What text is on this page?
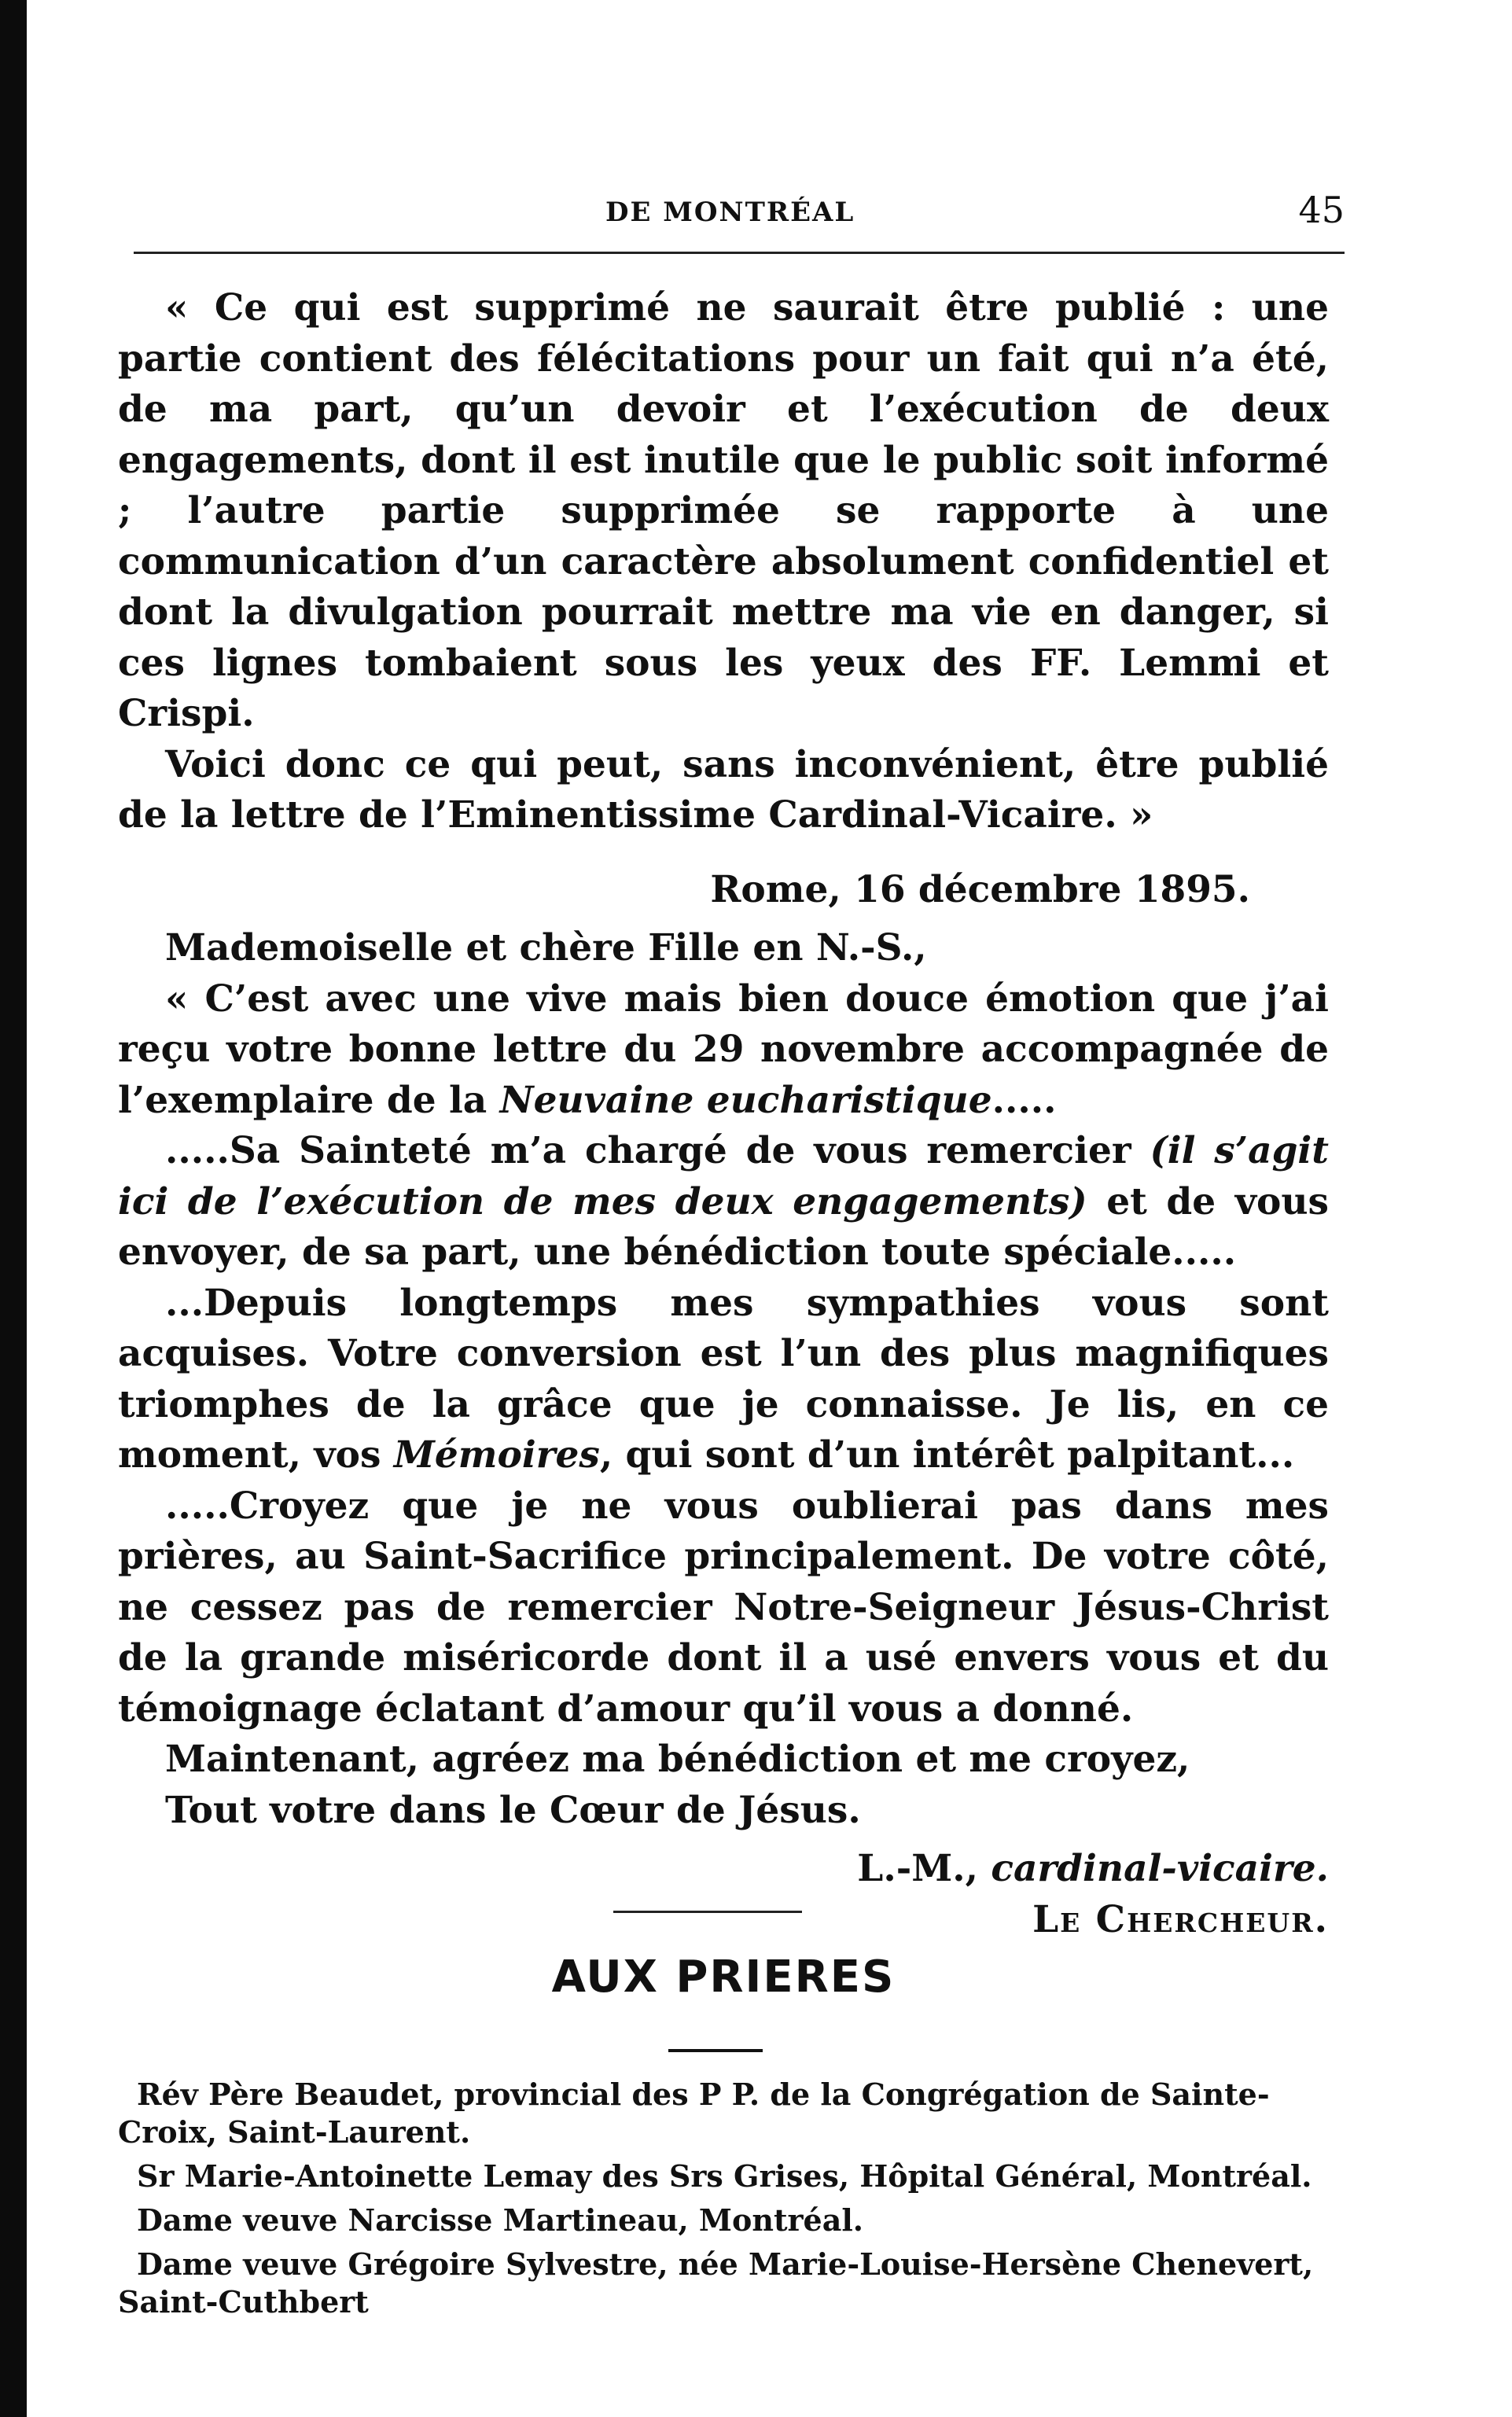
DE MONTRÉAL	45

« Ce qui est supprimé ne saurait être publié : une partie contient des félécitations pour un fait qui n’a été, de ma part, qu’un devoir et l’exécution de deux engagements, dont il est inutile que le public soit informé ; l’autre partie supprimée se rapporte à une communication d’un caractère absolument confidentiel et dont la divulgation pourrait mettre ma vie en danger, si ces lignes tombaient sous les yeux des FF. Lemmi et Crispi.

Voici donc ce qui peut, sans inconvénient, être publié de la lettre de l’Eminentissime Cardinal-Vicaire. »

Rome, 16 décembre 1895.

Mademoiselle et chère Fille en N.-S.,

« C’est avec une vive mais bien douce émotion que j’ai reçu votre bonne lettre du 29 novembre accompagnée de l’exemplaire de la Neuvaine eucharistique.....

.....Sa Sainteté m’a chargé de vous remercier (il s’agit ici de l’exécution de mes deux engagements) et de vous envoyer, de sa part, une bénédiction toute spéciale.....

...Depuis longtemps mes sympathies vous sont acquises. Votre conversion est l’un des plus magnifiques triomphes de la grâce que je connaisse. Je lis, en ce moment, vos Mémoires, qui sont d’un intérêt palpitant...

.....Croyez que je ne vous oublierai pas dans mes prières, au Saint-Sacrifice principalement. De votre côté, ne cessez pas de remercier Notre-Seigneur Jésus-Christ de la grande miséricorde dont il a usé envers vous et du témoignage éclatant d’amour qu’il vous a donné.

Maintenant, agréez ma bénédiction et me croyez,

Tout votre dans le Cœur de Jésus.

L.-M., cardinal-vicaire.

Le Chercheur.

AUX PRIERES

Rév Père Beaudet, provincial des P P. de la Congrégation de Sainte-Croix, Saint-Laurent.

Sr Marie-Antoinette Lemay des Srs Grises, Hôpital Général, Montréal.

Dame veuve Narcisse Martineau, Montréal.

Dame veuve Grégoire Sylvestre, née Marie-Louise-Hersène Chenevert, Saint-Cuthbert
